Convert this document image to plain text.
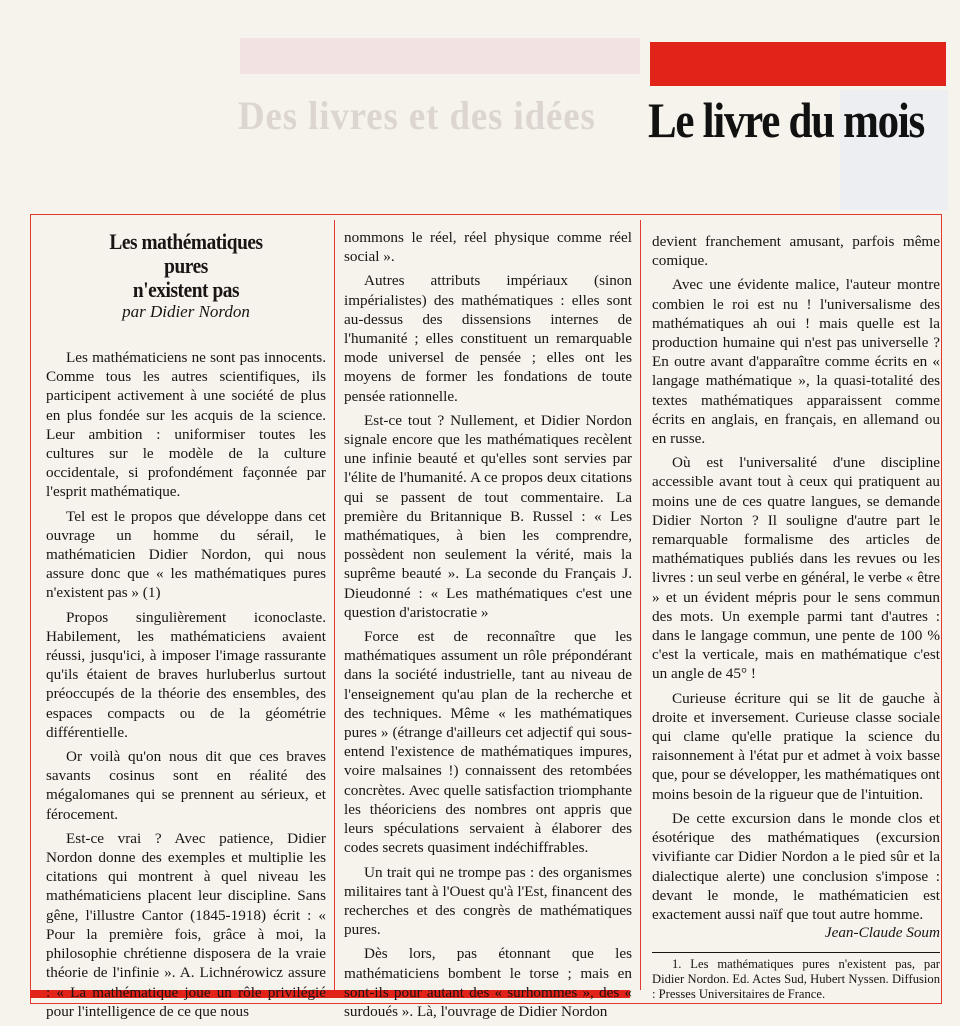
Des livres et des idées Le livre du mois
Les mathématiques
pures
n'existent pas
par Didier Nordon

Les mathématiciens ne sont pas innocents. Comme tous les autres scientifiques, ils participent activement à une société de plus en plus fondée sur les acquis de la science. Leur ambition : uniformiser toutes les cultures sur le modèle de la culture occidentale, si profondément façonnée par l'esprit mathématique.

Tel est le propos que développe dans cet ouvrage un homme du sérail, le mathématicien Didier Nordon, qui nous assure donc que « les mathématiques pures n'existent pas » (1)

Propos singulièrement iconoclaste. Habilement, les mathématiciens avaient réussi, jusqu'ici, à imposer l'image rassurante qu'ils étaient de braves hurluberlus surtout préoccupés de la théorie des ensembles, des espaces compacts ou de la géométrie différentielle.

Or voilà qu'on nous dit que ces braves savants cosinus sont en réalité des mégalomanes qui se prennent au sérieux, et férocement.

Est-ce vrai ? Avec patience, Didier Nordon donne des exemples et multiplie les citations qui montrent à quel niveau les mathématiciens placent leur discipline. Sans gêne, l'illustre Cantor (1845-1918) écrit : « Pour la première fois, grâce à moi, la philosophie chrétienne disposera de la vraie théorie de l'infinie ». A. Lichnérowicz assure : « La mathématique joue un rôle privilégié pour l'intelligence de ce que nous

nommons le réel, réel physique comme réel social ».

Autres attributs impériaux (sinon impérialistes) des mathématiques : elles sont au-dessus des dissensions internes de l'humanité ; elles constituent un remarquable mode universel de pensée ; elles ont les moyens de former les fondations de toute pensée rationnelle.

Est-ce tout ? Nullement, et Didier Nordon signale encore que les mathématiques recèlent une infinie beauté et qu'elles sont servies par l'élite de l'humanité. A ce propos deux citations qui se passent de tout commentaire. La première du Britannique B. Russel : « Les mathématiques, à bien les comprendre, possèdent non seulement la vérité, mais la suprême beauté ». La seconde du Français J. Dieudonné : « Les mathématiques c'est une question d'aristocratie »

Force est de reconnaître que les mathématiques assument un rôle prépondérant dans la société industrielle, tant au niveau de l'enseignement qu'au plan de la recherche et des techniques. Même « les mathématiques pures » (étrange d'ailleurs cet adjectif qui sous-entend l'existence de mathématiques impures, voire malsaines !) connaissent des retombées concrètes. Avec quelle satisfaction triomphante les théoriciens des nombres ont appris que leurs spéculations servaient à élaborer des codes secrets quasiment indéchiffrables.

Un trait qui ne trompe pas : des organismes militaires tant à l'Ouest qu'à l'Est, financent des recherches et des congrès de mathématiques pures.

Dès lors, pas étonnant que les mathématiciens bombent le torse ; mais en sont-ils pour autant des « surhommes », des « surdoués ». Là, l'ouvrage de Didier Nordon

devient franchement amusant, parfois même comique.

Avec une évidente malice, l'auteur montre combien le roi est nu ! l'universalisme des mathématiques ah oui ! mais quelle est la production humaine qui n'est pas universelle ? En outre avant d'apparaître comme écrits en « langage mathématique », la quasi-totalité des textes mathématiques apparaissent comme écrits en anglais, en français, en allemand ou en russe.

Où est l'universalité d'une discipline accessible avant tout à ceux qui pratiquent au moins une de ces quatre langues, se demande Didier Norton ? Il souligne d'autre part le remarquable formalisme des articles de mathématiques publiés dans les revues ou les livres : un seul verbe en général, le verbe « être » et un évident mépris pour le sens commun des mots. Un exemple parmi tant d'autres : dans le langage commun, une pente de 100 % c'est la verticale, mais en mathématique c'est un angle de 45° !

Curieuse écriture qui se lit de gauche à droite et inversement. Curieuse classe sociale qui clame qu'elle pratique la science du raisonnement à l'état pur et admet à voix basse que, pour se développer, les mathématiques ont moins besoin de la rigueur que de l'intuition.

De cette excursion dans le monde clos et ésotérique des mathématiques (excursion vivifiante car Didier Nordon a le pied sûr et la dialectique alerte) une conclusion s'impose : devant le monde, le mathématicien est exactement aussi naïf que tout autre homme.

Jean-Claude Soum

1. Les mathématiques pures n'existent pas, par Didier Nordon. Ed. Actes Sud, Hubert Nyssen. Diffusion : Presses Universitaires de France.
